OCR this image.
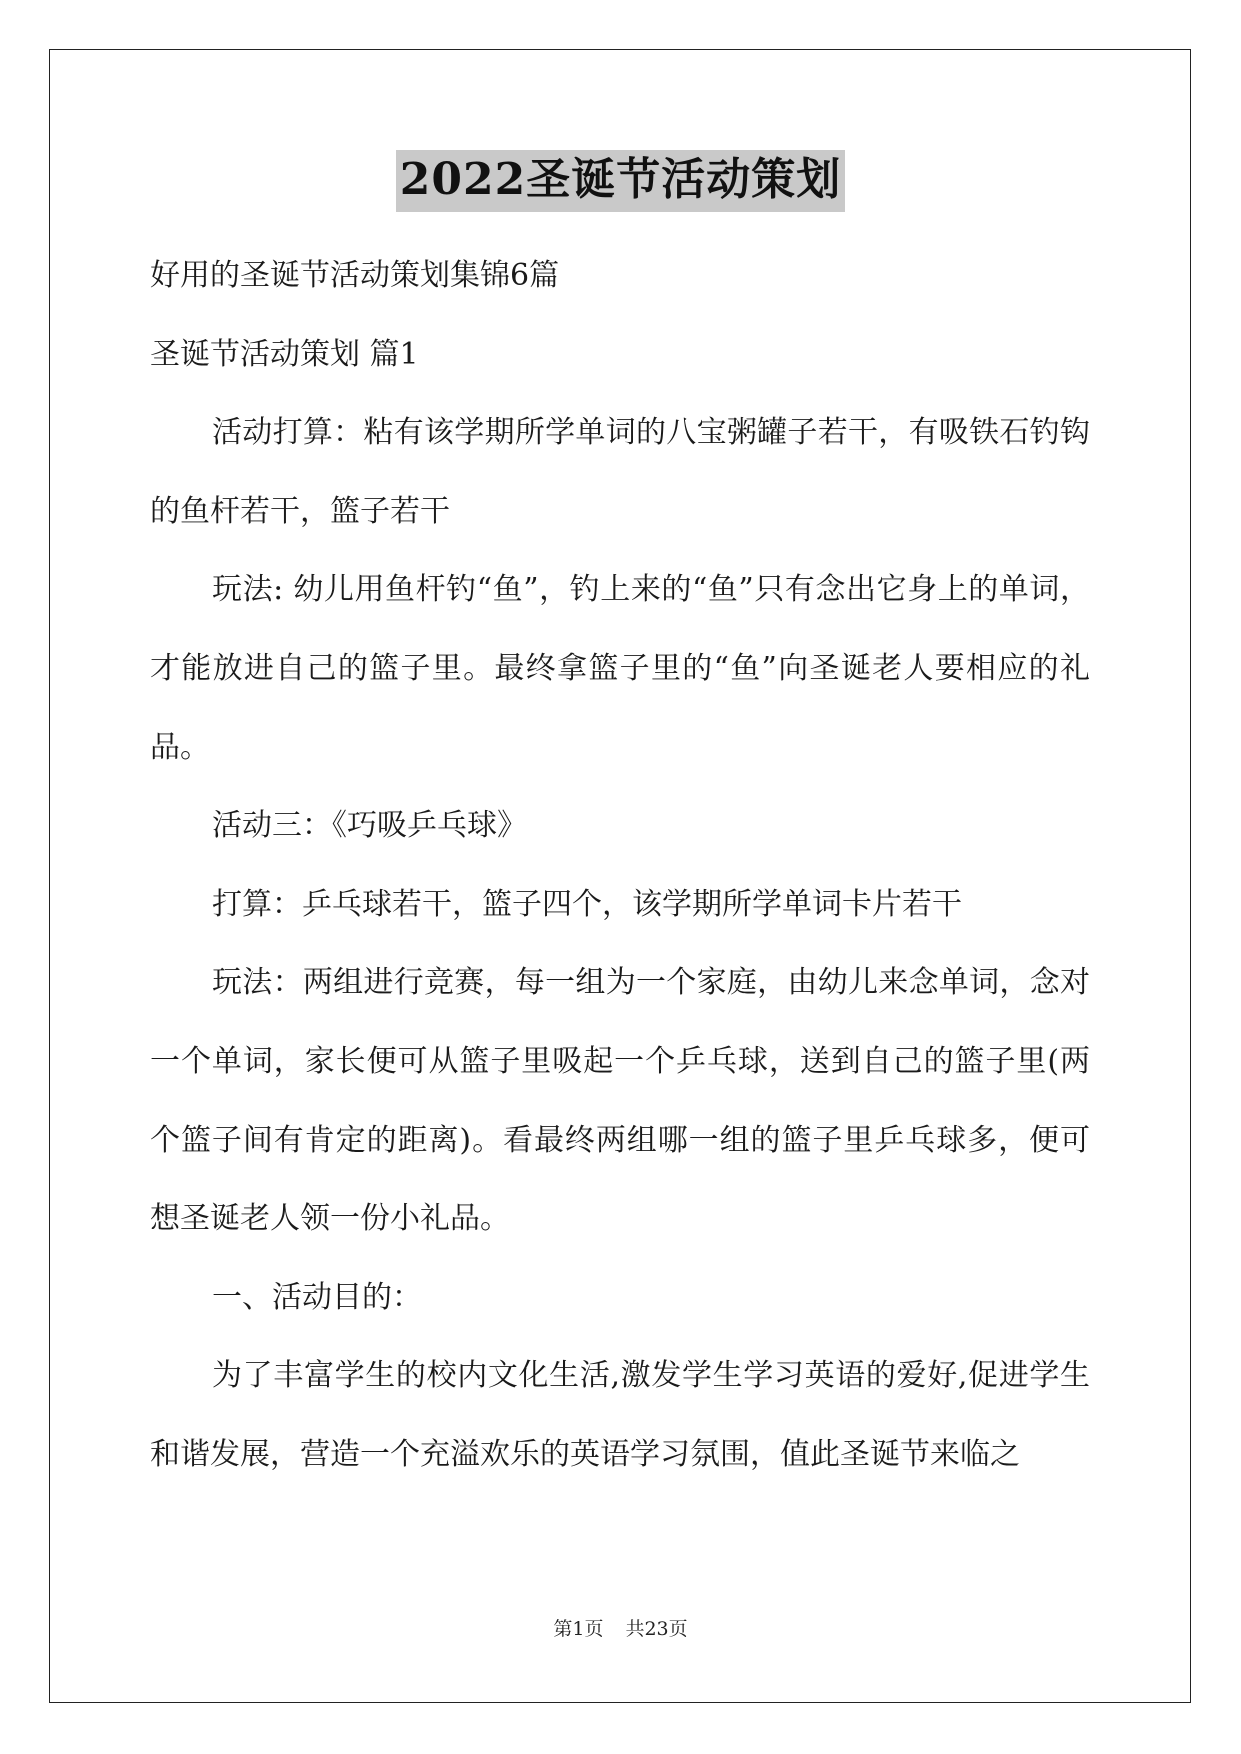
2022圣诞节活动策划

好用的圣诞节活动策划集锦6篇

圣诞节活动策划 篇1

活动打算：粘有该学期所学单词的八宝粥罐子若干，有吸铁石钓钩的鱼杆若干，篮子若干

玩法: 幼儿用鱼杆钓“鱼”，钓上来的“鱼”只有念出它身上的单词，才能放进自己的篮子里。最终拿篮子里的“鱼”向圣诞老人要相应的礼品。

活动三：《巧吸乒乓球》

打算：乒乓球若干，篮子四个，该学期所学单词卡片若干

玩法：两组进行竞赛，每一组为一个家庭，由幼儿来念单词，念对一个单词，家长便可从篮子里吸起一个乒乓球，送到自己的篮子里(两个篮子间有肯定的距离)。看最终两组哪一组的篮子里乒乓球多，便可想圣诞老人领一份小礼品。

一、活动目的：

为了丰富学生的校内文化生活,激发学生学习英语的爱好,促进学生和谐发展，营造一个充溢欢乐的英语学习氛围，值此圣诞节来临之

第1页 共23页
